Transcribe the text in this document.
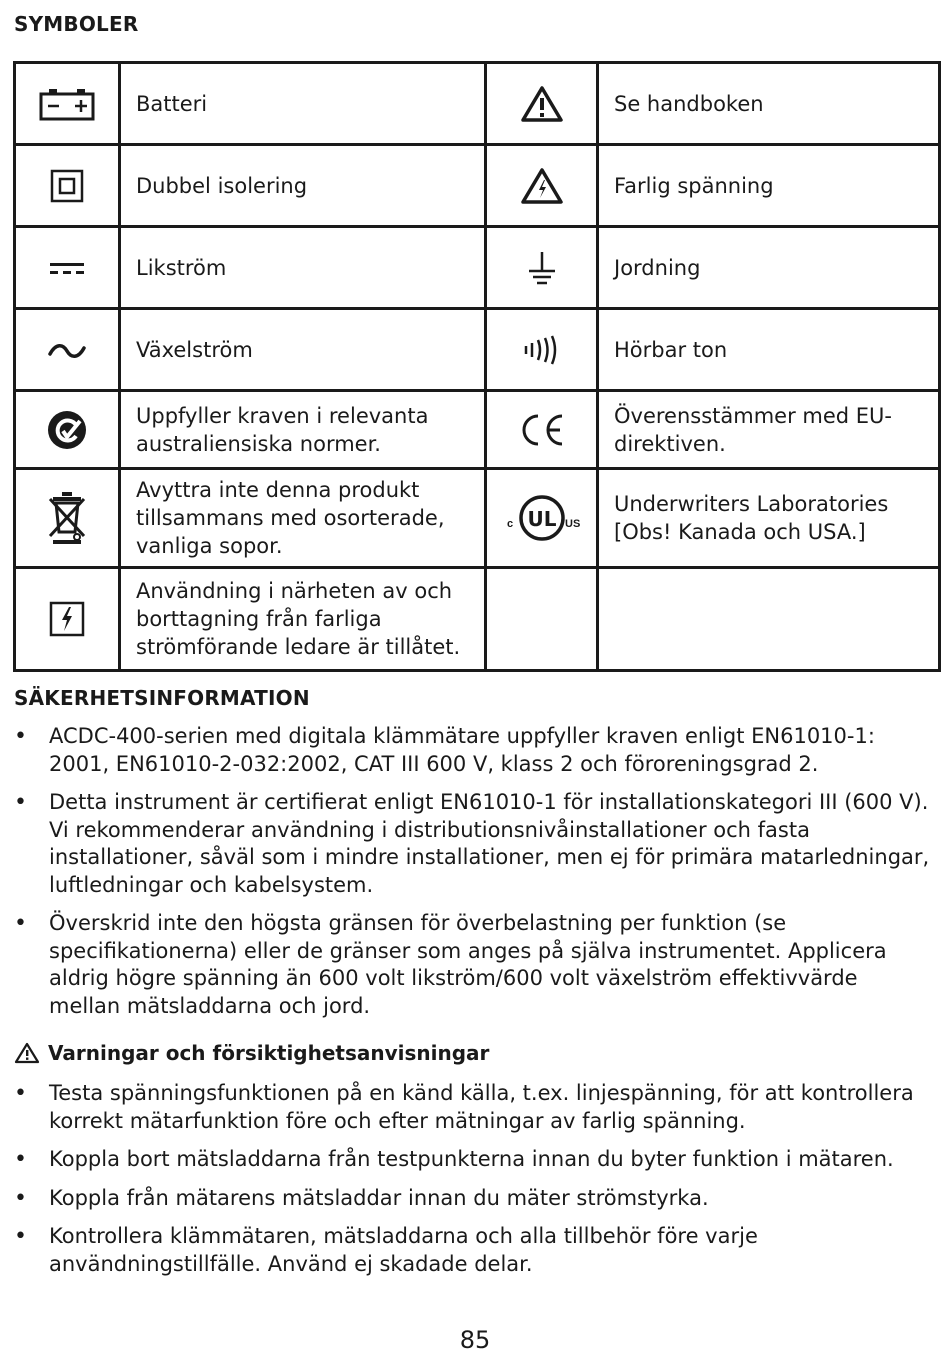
SYMBOLER
	Batteri		Se handboken
	Dubbel isolering		Farlig spänning
	Likström		Jordning
	Växelström		Hörbar ton
	Uppfyller kraven i relevanta australiensiska normer.		Överensstämmer med EU-direktiven.
	Avyttra inte denna produkt tillsammans med osorterade, vanliga sopor.	c UL US	Underwriters Laboratories [Obs! Kanada och USA.]
	Användning i närheten av och borttagning från farliga strömförande ledare är tillåtet.		
SÄKERHETSINFORMATION
• ACDC-400-serien med digitala klämmätare uppfyller kraven enligt EN61010-1: 2001, EN61010-2-032:2002, CAT III 600 V, klass 2 och föroreningsgrad 2.
• Detta instrument är certifierat enligt EN61010-1 för installationskategori III (600 V). Vi rekommenderar användning i distributionsnivåinstallationer och fasta installationer, såväl som i mindre installationer, men ej för primära matarledningar, luftledningar och kabelsystem.
• Överskrid inte den högsta gränsen för överbelastning per funktion (se specifikationerna) eller de gränser som anges på själva instrumentet. Applicera aldrig högre spänning än 600 volt likström/600 volt växelström effektivvärde mellan mätsladdarna och jord.
Varningar och försiktighetsanvisningar
• Testa spänningsfunktionen på en känd källa, t.ex. linjespänning, för att kontrollera korrekt mätarfunktion före och efter mätningar av farlig spänning.
• Koppla bort mätsladdarna från testpunkterna innan du byter funktion i mätaren.
• Koppla från mätarens mätsladdar innan du mäter strömstyrka.
• Kontrollera klämmätaren, mätsladdarna och alla tillbehör före varje användningstillfälle. Använd ej skadade delar.
85
